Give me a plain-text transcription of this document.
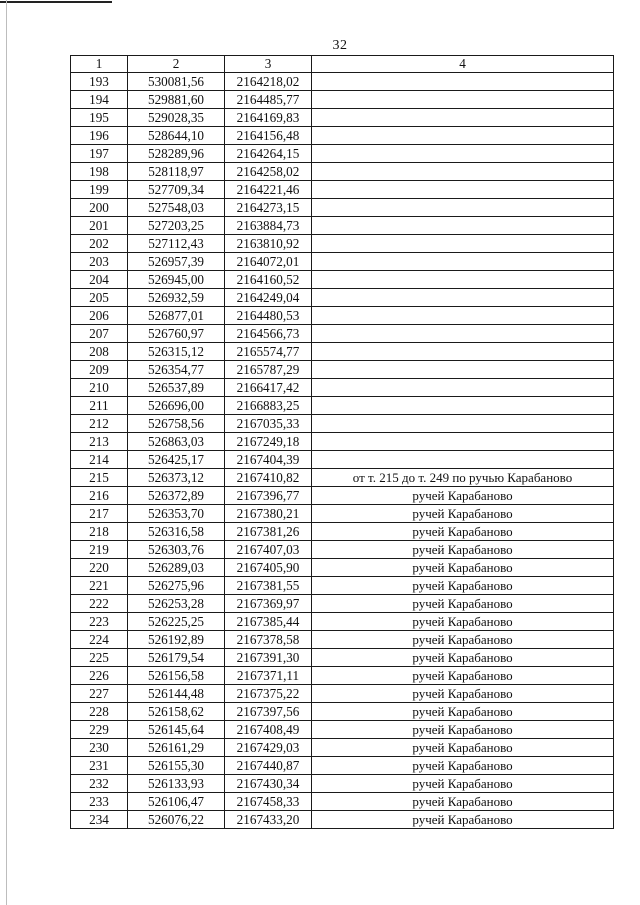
32
1	2	3	4
193	530081,56	2164218,02	
194	529881,60	2164485,77	
195	529028,35	2164169,83	
196	528644,10	2164156,48	
197	528289,96	2164264,15	
198	528118,97	2164258,02	
199	527709,34	2164221,46	
200	527548,03	2164273,15	
201	527203,25	2163884,73	
202	527112,43	2163810,92	
203	526957,39	2164072,01	
204	526945,00	2164160,52	
205	526932,59	2164249,04	
206	526877,01	2164480,53	
207	526760,97	2164566,73	
208	526315,12	2165574,77	
209	526354,77	2165787,29	
210	526537,89	2166417,42	
211	526696,00	2166883,25	
212	526758,56	2167035,33	
213	526863,03	2167249,18	
214	526425,17	2167404,39	
215	526373,12	2167410,82	от т. 215 до т. 249 по ручью Карабаново
216	526372,89	2167396,77	ручей Карабаново
217	526353,70	2167380,21	ручей Карабаново
218	526316,58	2167381,26	ручей Карабаново
219	526303,76	2167407,03	ручей Карабаново
220	526289,03	2167405,90	ручей Карабаново
221	526275,96	2167381,55	ручей Карабаново
222	526253,28	2167369,97	ручей Карабаново
223	526225,25	2167385,44	ручей Карабаново
224	526192,89	2167378,58	ручей Карабаново
225	526179,54	2167391,30	ручей Карабаново
226	526156,58	2167371,11	ручей Карабаново
227	526144,48	2167375,22	ручей Карабаново
228	526158,62	2167397,56	ручей Карабаново
229	526145,64	2167408,49	ручей Карабаново
230	526161,29	2167429,03	ручей Карабаново
231	526155,30	2167440,87	ручей Карабаново
232	526133,93	2167430,34	ручей Карабаново
233	526106,47	2167458,33	ручей Карабаново
234	526076,22	2167433,20	ручей Карабаново
